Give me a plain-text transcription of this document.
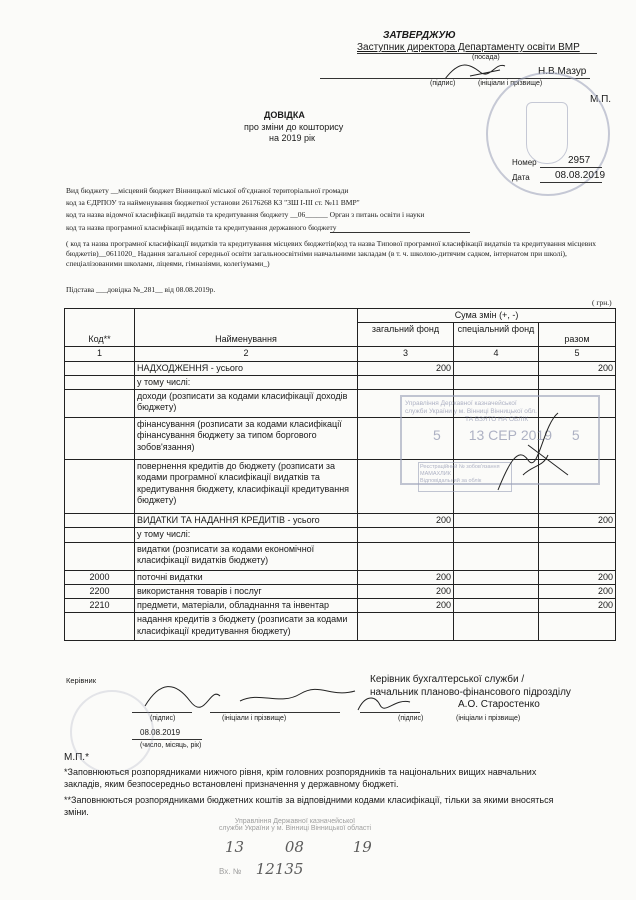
ЗАТВЕРДЖУЮ
Заступник директора Департаменту освіти ВМР
(посада)
Н.В.Мазур
(підпис)	(ініціали і прізвище)
М.П.
ДОВІДКА
про зміни до кошторису
на 2019 рік
Номер	2957
Дата	08.08.2019
Вид бюджету __місцевий бюджет Вінницької міської об'єднаної територіальної громади
код за ЄДРПОУ та найменування бюджетної установи 26176268 КЗ "ЗШ І-ІІІ ст. №11 ВМР"
код та назва відомчої класифікації видатків та кредитування бюджету __06______ Орган з питань освіти і науки
код та назва програмної класифікації видатків та кредитування державного бюджету
( код та назва програмної класифікації видатків та кредитування місцевих бюджетів(код та назва Типової програмної класифікації видатків та кредитування місцевих бюджетів)__0611020_ Надання загальної середньої освіти загальноосвітніми навчальними закладам (в т. ч. школою-дитячим садком, інтернатом при школі), спеціалізованими школами, ліцеями, гімназіями, колегіумами_)
Підстава ___довідка №_281__ від 08.08.2019р.
( грн.)
Код**	Найменування	Сума змін (+, -)		
		загальний фонд	спеціальний фонд	разом
1	2	3	4	5
	НАДХОДЖЕННЯ - усього	200		200
	у тому числі:			
	доходи (розписати за кодами класифікації доходів бюджету)			
	фінансування (розписати за кодами класифікації фінансування бюджету за типом боргового зобов'язання)			
	повернення кредитів до бюджету (розписати за кодами програмної класифікації видатків та кредитування бюджету, класифікації кредитування бюджету)			
	ВИДАТКИ ТА НАДАННЯ КРЕДИТІВ - усього	200		200
	у тому числі:			
	видатки (розписати за кодами економічної класифікації видатків бюджету)			
2000	поточні видатки	200		200
2200	використання товарів і послуг	200		200
2210	предмети, матеріали, обладнання та інвентар	200		200
	надання кредитів з бюджету (розписати за кодами класифікації кредитування бюджету)			
Управління Державної казначейської
служби України у м. Вінниці Вінницької обл.
ТА ВЗЯТО НА ОБЛІК
5 13 СЕР 2019 5
Реєстраційний № зобов'язання
МАМАХЛИК
Відповідальний за облік
Керівник
(підпис)	(ініціали і прізвище)
Керівник бухгалтерської служби /
начальник планово-фінансового підрозділу
А.О. Старостенко
(підпис)	(ініціали і прізвище)
08.08.2019
(число, місяць, рік)
М.П.*
*Заповнюються розпорядниками нижчого рівня, крім головних розпорядників та національних вищих навчальних закладів, яким безпосередньо встановлені призначення у державному бюджеті.
**Заповнюються розпорядниками бюджетних коштів за відповідними кодами класифікації, тільки за якими вносяться зміни.
Управління Державної казначейської
служби України у м. Вінниці Вінницької області
13	08	19
Вх. № 12135
